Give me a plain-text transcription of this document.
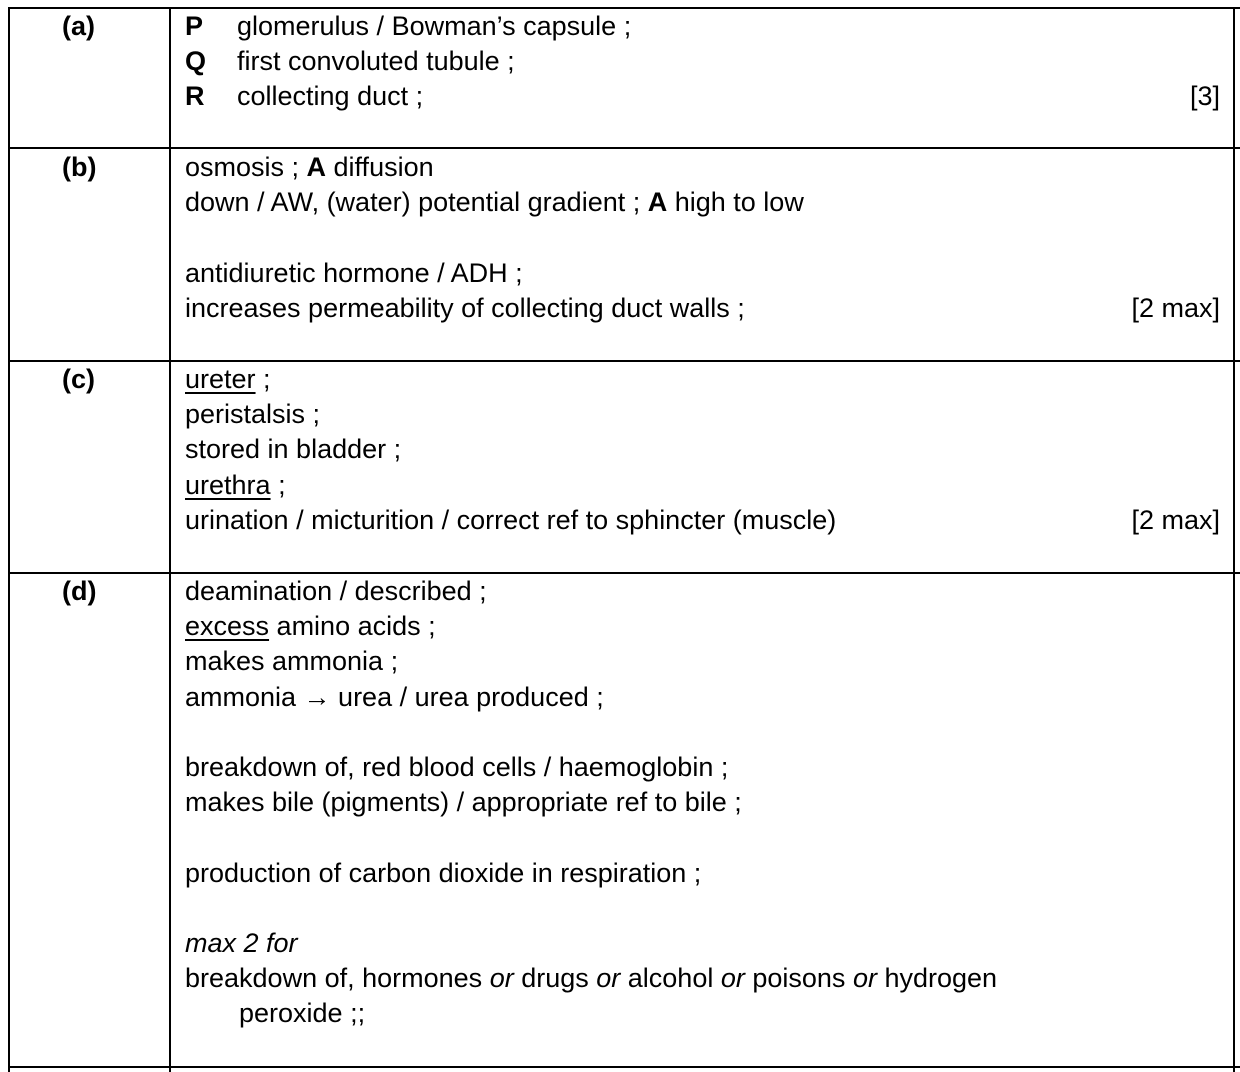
(a)	P glomerulus / Bowman’s capsule ;
Q first convoluted tubule ;
R collecting duct ;	[3]
(b)	osmosis ; A diffusion
down / AW, (water) potential gradient ; A high to low
antidiuretic hormone / ADH ;
increases permeability of collecting duct walls ;	[2 max]
(c)	ureter ;
peristalsis ;
stored in bladder ;
urethra ;
urination / micturition / correct ref to sphincter (muscle)	[2 max]
(d)	deamination / described ;
excess amino acids ;
makes ammonia ;
ammonia → urea / urea produced ;
breakdown of, red blood cells / haemoglobin ;
makes bile (pigments) / appropriate ref to bile ;
production of carbon dioxide in respiration ;
max 2 for
breakdown of, hormones or drugs or alcohol or poisons or hydrogen
peroxide ;;
